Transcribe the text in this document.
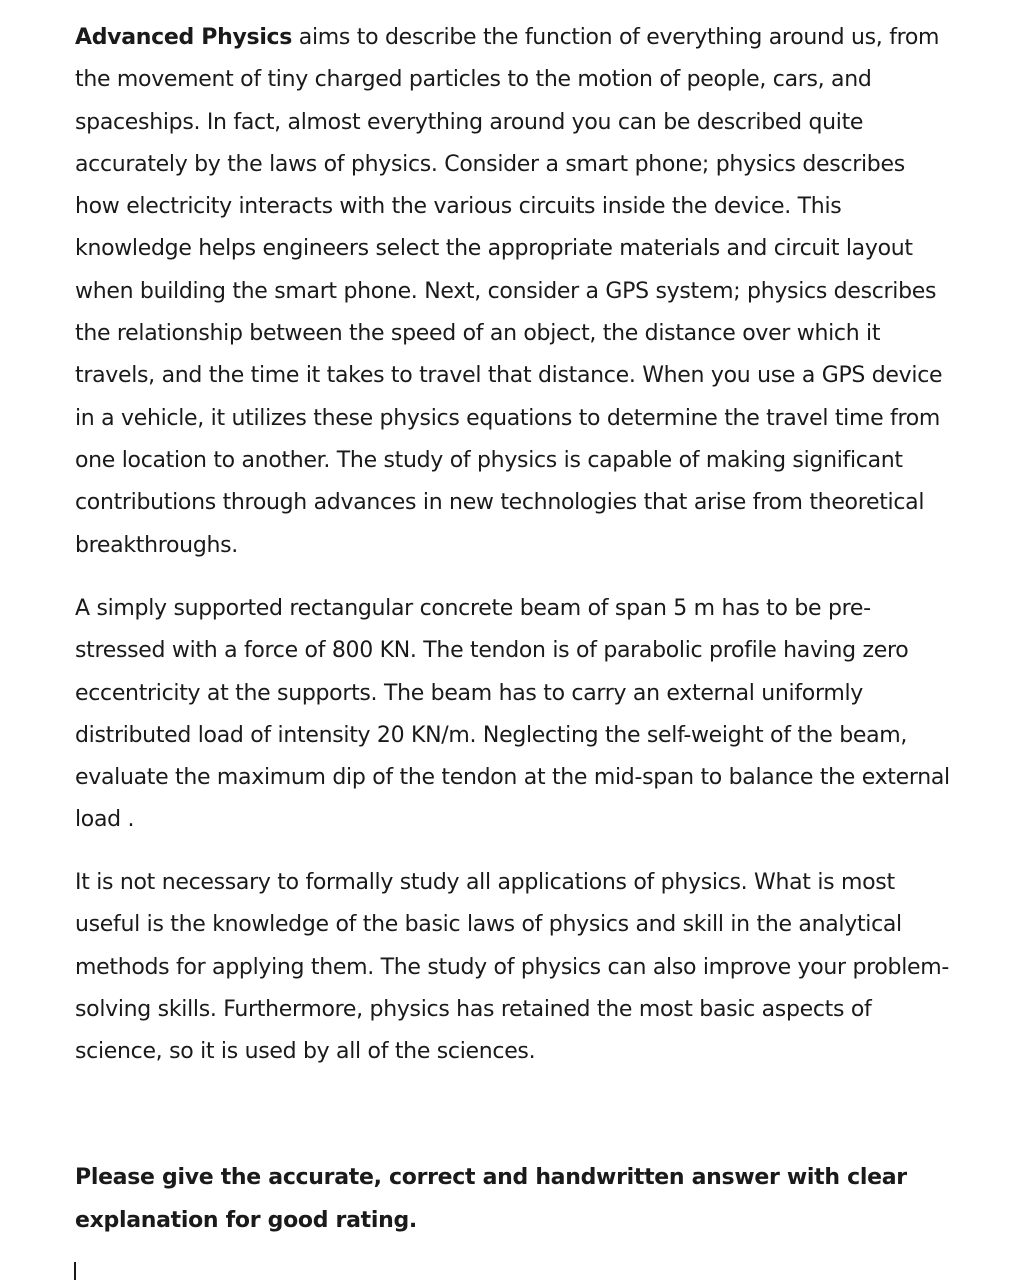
Advanced Physics aims to describe the function of everything around us, from the movement of tiny charged particles to the motion of people, cars, and spaceships. In fact, almost everything around you can be described quite accurately by the laws of physics. Consider a smart phone; physics describes how electricity interacts with the various circuits inside the device. This knowledge helps engineers select the appropriate materials and circuit layout when building the smart phone. Next, consider a GPS system; physics describes the relationship between the speed of an object, the distance over which it travels, and the time it takes to travel that distance. When you use a GPS device in a vehicle, it utilizes these physics equations to determine the travel time from one location to another. The study of physics is capable of making significant contributions through advances in new technologies that arise from theoretical breakthroughs.

A simply supported rectangular concrete beam of span 5 m has to be pre-stressed with a force of 800 KN. The tendon is of parabolic profile having zero eccentricity at the supports. The beam has to carry an external uniformly distributed load of intensity 20 KN/m. Neglecting the self-weight of the beam, evaluate the maximum dip of the tendon at the mid-span to balance the external load .

It is not necessary to formally study all applications of physics. What is most useful is the knowledge of the basic laws of physics and skill in the analytical methods for applying them. The study of physics can also improve your problem-solving skills. Furthermore, physics has retained the most basic aspects of science, so it is used by all of the sciences.

Please give the accurate, correct and handwritten answer with clear explanation for good rating.
